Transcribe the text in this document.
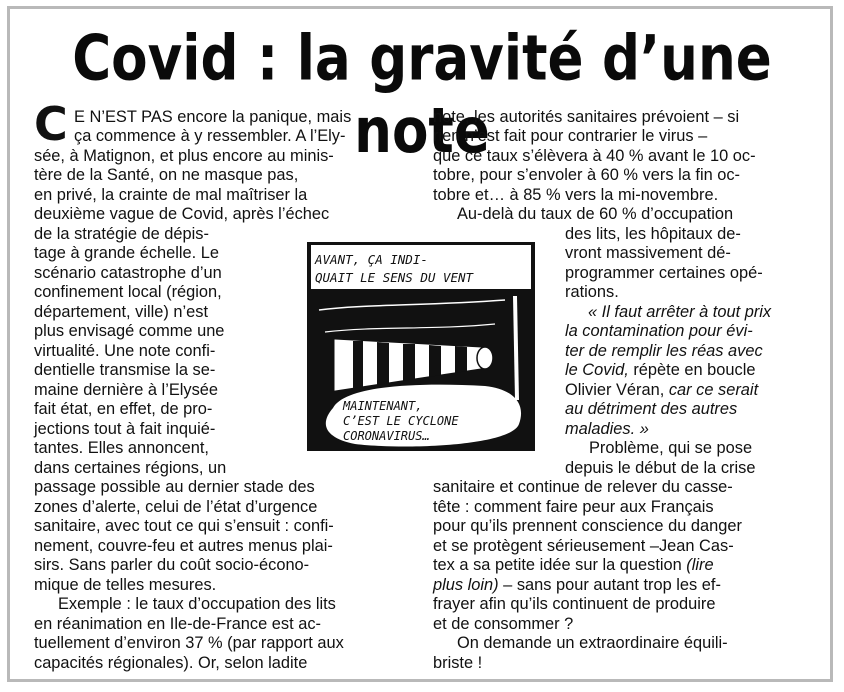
Covid : la gravité d’une note
C E N’EST PAS encore la panique, mais
ça commence à y ressembler. A l’Ely-
sée, à Matignon, et plus encore au minis-
tère de la Santé, on ne masque pas,
en privé, la crainte de mal maîtriser la
deuxième vague de Covid, après l’échec
de la stratégie de dépis-
tage à grande échelle. Le
scénario catastrophe d’un
confinement local (région,
département, ville) n’est
plus envisagé comme une
virtualité. Une note confi-
dentielle transmise la se-
maine dernière à l’Elysée
fait état, en effet, de pro-
jections tout à fait inquié-
tantes. Elles annoncent,
dans certaines régions, un
passage possible au dernier stade des
zones d’alerte, celui de l’état d’urgence
sanitaire, avec tout ce qui s’ensuit : confi-
nement, couvre-feu et autres menus plai-
sirs. Sans parler du coût socio-écono-
mique de telles mesures.
Exemple : le taux d’occupation des lits
en réanimation en Ile-de-France est ac-
tuellement d’environ 37 % (par rapport aux
capacités régionales). Or, selon ladite
note, les autorités sanitaires prévoient – si
rien n’est fait pour contrarier le virus –
que ce taux s’élèvera à 40 % avant le 10 oc-
tobre, pour s’envoler à 60 % vers la fin oc-
tobre et… à 85 % vers la mi-novembre.
Au-delà du taux de 60 % d’occupation
des lits, les hôpitaux de-
vront massivement dé-
programmer certaines opé-
rations.
« Il faut arrêter à tout prix
la contamination pour évi-
ter de remplir les réas avec
le Covid, répète en boucle
Olivier Véran, car ce serait
au détriment des autres
maladies. »
Problème, qui se pose
depuis le début de la crise
sanitaire et continue de relever du casse-
tête : comment faire peur aux Français
pour qu’ils prennent conscience du danger
et se protègent sérieusement –Jean Cas-
tex a sa petite idée sur la question (lire
plus loin) – sans pour autant trop les ef-
frayer afin qu’ils continuent de produire
et de consommer ?
On demande un extraordinaire équili-
briste !
AVANT, ÇA INDI-
QUAIT LE SENS DU VENT
MAINTENANT,
C’EST LE CYCLONE
CORONAVIRUS…
